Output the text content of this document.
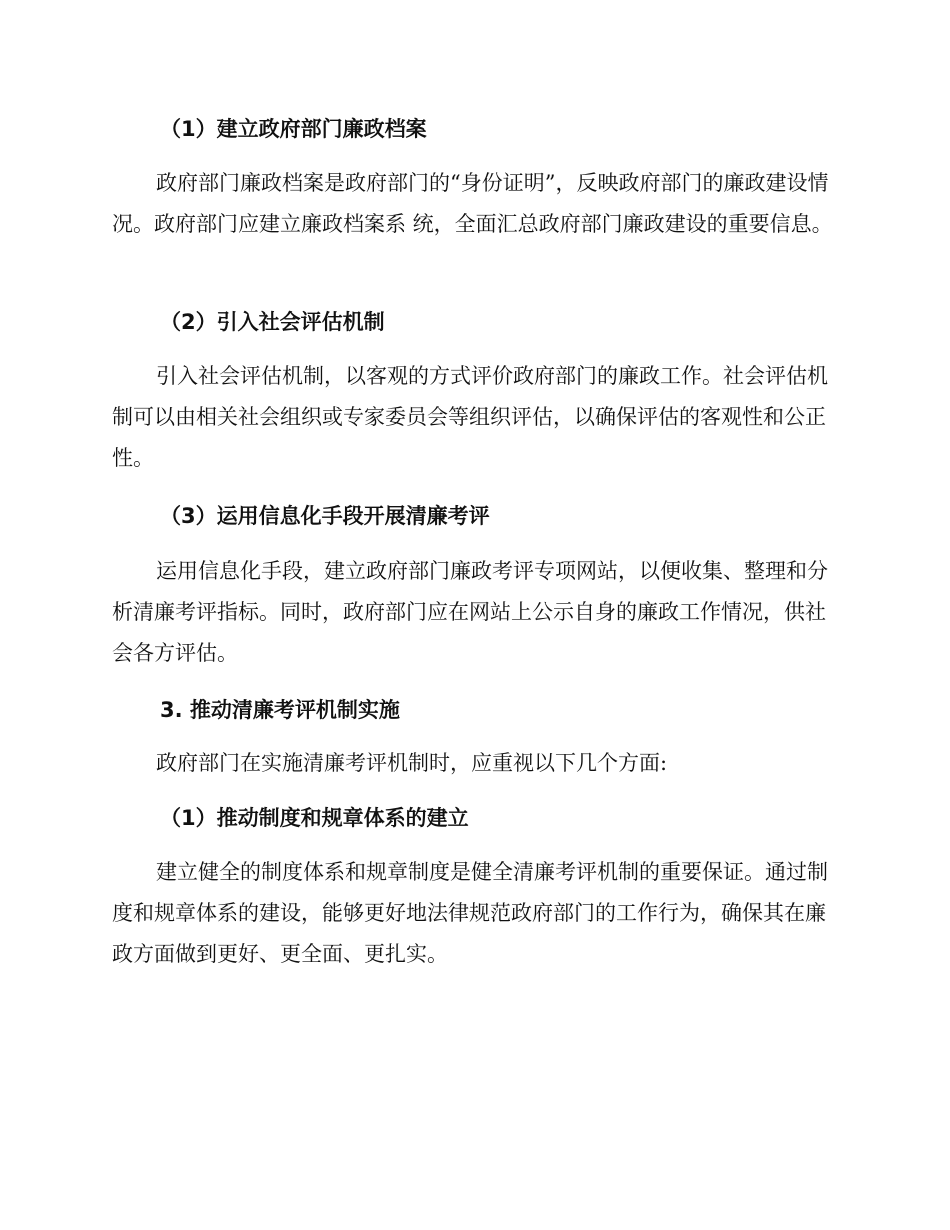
（1）建立政府部门廉政档案

政府部门廉政档案是政府部门的“身份证明”，反映政府部门的廉政建设情况。政府部门应建立廉政档案系 统，全面汇总政府部门廉政建设的重要信息。

（2）引入社会评估机制

引入社会评估机制，以客观的方式评价政府部门的廉政工作。社会评估机制可以由相关社会组织或专家委员会等组织评估，以确保评估的客观性和公正性。

（3）运用信息化手段开展清廉考评

运用信息化手段，建立政府部门廉政考评专项网站，以便收集、整理和分析清廉考评指标。同时，政府部门应在网站上公示自身的廉政工作情况，供社会各方评估。

3. 推动清廉考评机制实施

政府部门在实施清廉考评机制时，应重视以下几个方面:

（1）推动制度和规章体系的建立

建立健全的制度体系和规章制度是健全清廉考评机制的重要保证。通过制度和规章体系的建设，能够更好地法律规范政府部门的工作行为，确保其在廉政方面做到更好、更全面、更扎实。
